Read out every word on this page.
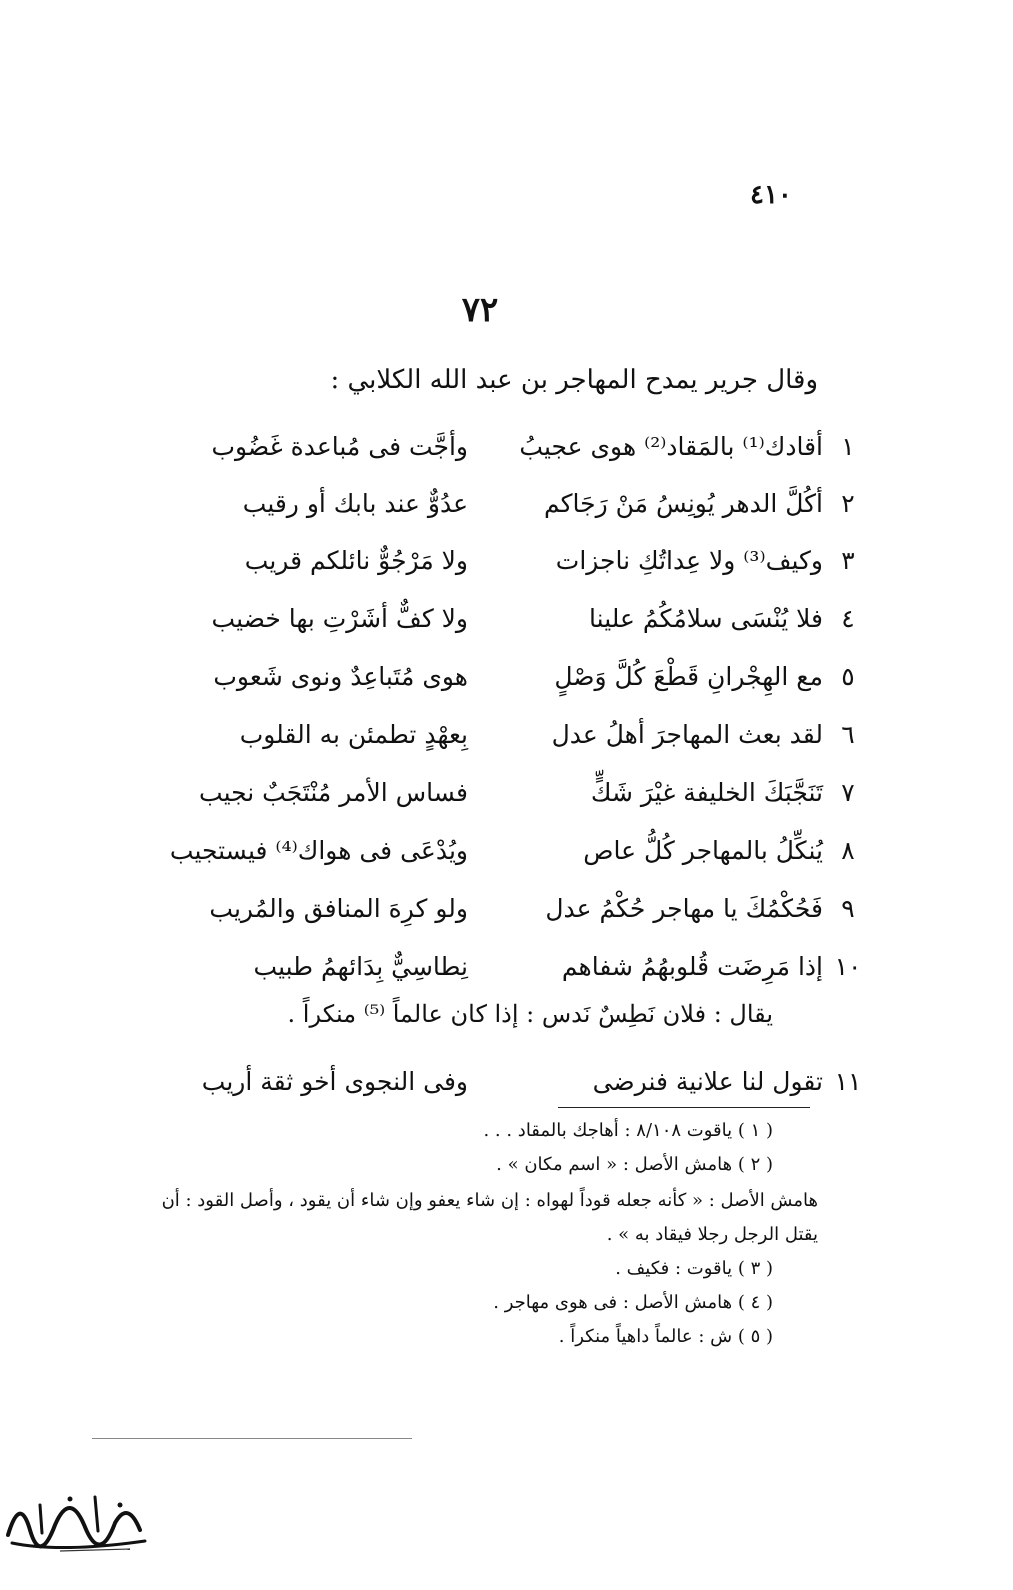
٤١٠
٧٢
وقال جرير يمدح المهاجر بن عبد الله الكلابي :
١
أقادك⁽¹⁾ بالمَقاد⁽²⁾ هوى عجيبُ
وأجَّت فى مُباعدة غَضُوب
٢
أكُلَّ الدهر يُونِسُ مَنْ رَجَاكم
عدُوٌّ عند بابك أو رقيب
٣
وكيف⁽³⁾ ولا عِداتُكِ ناجزات
ولا مَرْجُوٌّ نائلكم قريب
٤
فلا يُنْسَى سلامُكُمُ علينا
ولا كفٌّ أشَرْتِ بها خضيب
٥
مع الهِجْرانِ قَطْعَ كُلَّ وَصْلٍ
هوى مُتَباعِدٌ ونوى شَعوب
٦
لقد بعث المهاجرَ أهلُ عدل
بِعهْدٍ تطمئن به القلوب
٧
تَنَجَّبَكَ الخليفة غيْرَ شَكٍّ
فساس الأمر مُنْتَجَبٌ نجيب
٨
يُنكِّلُ بالمهاجر كُلُّ عاص
ويُدْعَى فى هواك⁽⁴⁾ فيستجيب
٩
فَحُكْمُكَ يا مهاجر حُكْمُ عدل
ولو كرِهَ المنافق والمُريب
١٠
إذا مَرِضَت قُلوبهُمُ شفاهم
نِطاسِيٌّ بِدَائهمُ طبيب
١١
تقول لنا علانية فنرضى
وفى النجوى أخو ثقة أريب
يقال : فلان نَطِسٌ نَدس : إذا كان عالماً ⁽⁵⁾ منكراً .
( ١ ) ياقوت ٨/١٠٨ : أهاجك بالمقاد . . .
( ٢ ) هامش الأصل : « اسم مكان » .
هامش الأصل : « كأنه جعله قوداً لهواه : إن شاء يعفو وإن شاء أن يقود ، وأصل القود : أن يقتل الرجل رجلا فيقاد به » .
( ٣ ) ياقوت : فكيف .
( ٤ ) هامش الأصل : فى هوى مهاجر .
( ٥ ) ش : عالماً داهياً منكراً .
